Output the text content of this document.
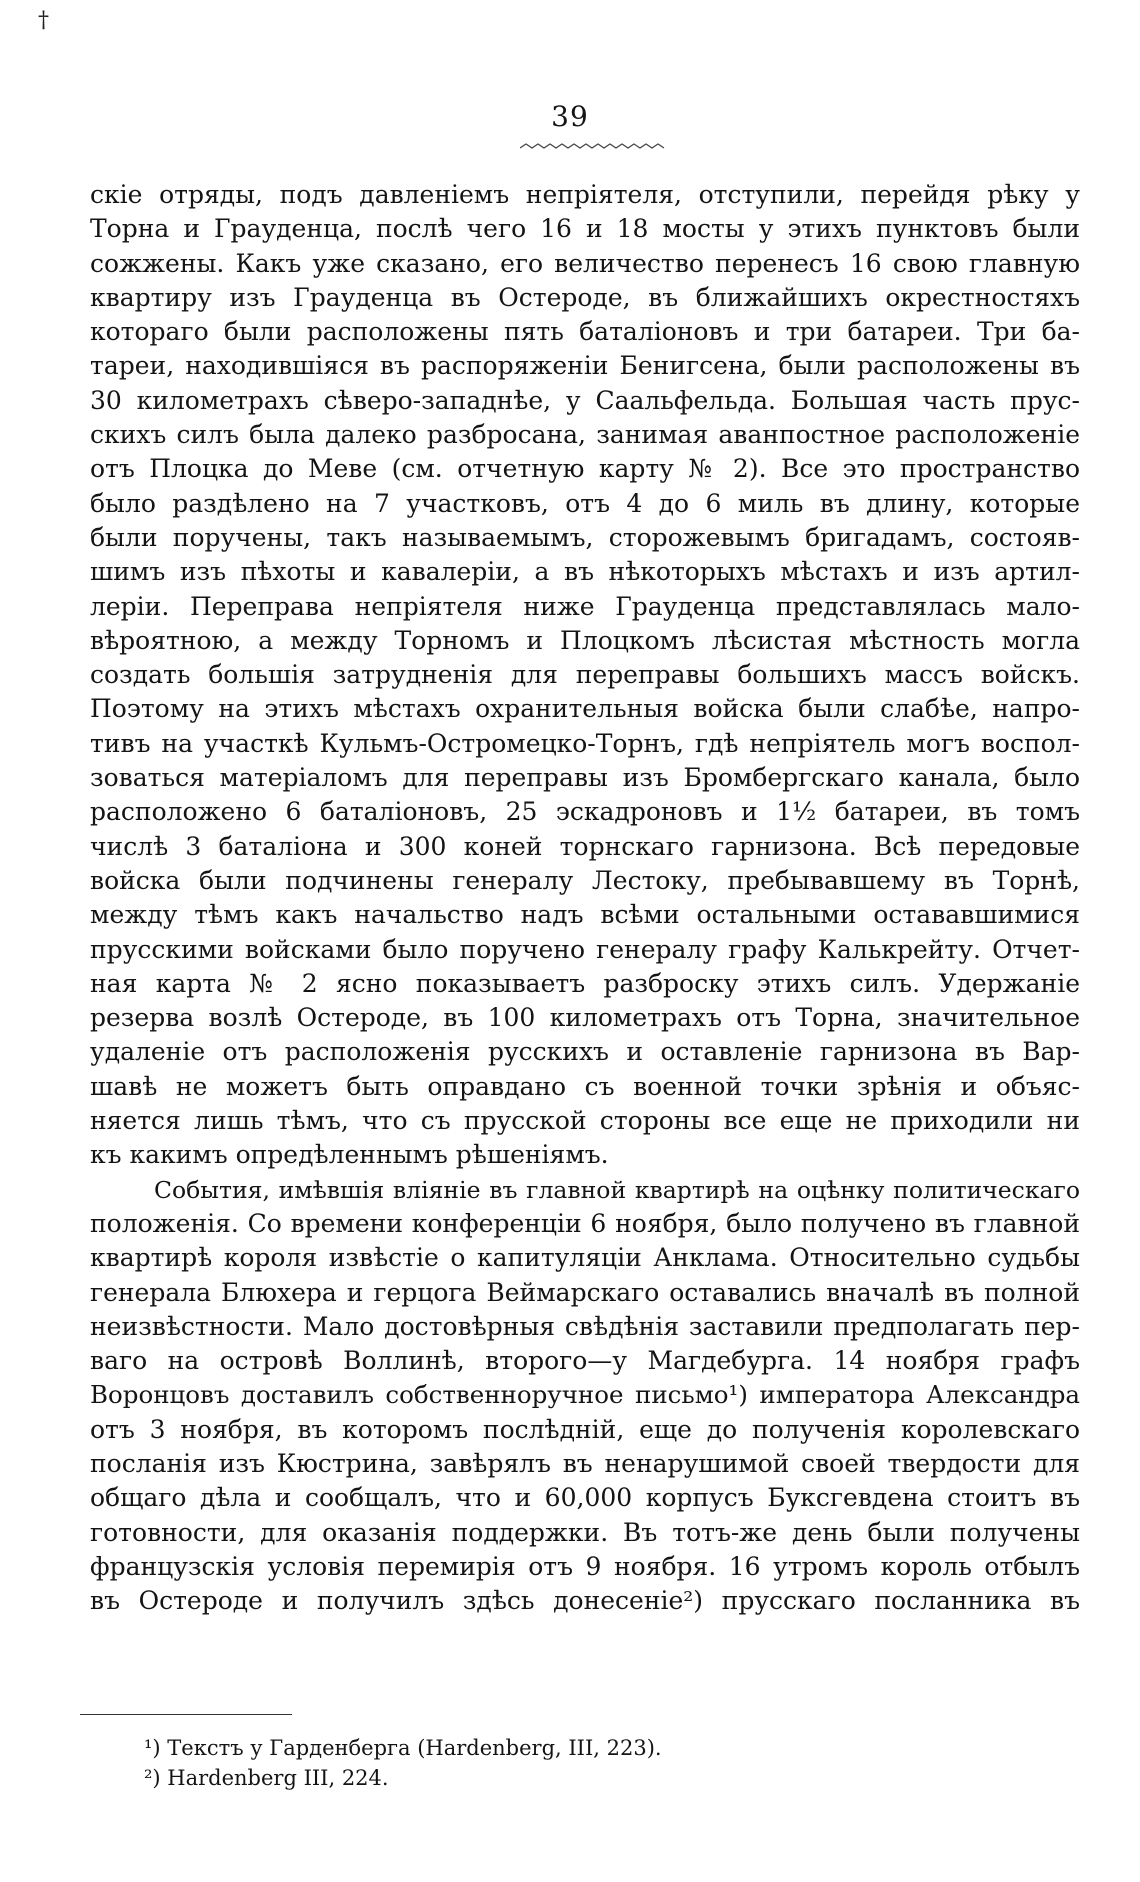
†
39
скіе отряды, подъ давленіемъ непріятеля, отступили, перейдя рѣку у
Торна и Грауденца, послѣ чего 16 и 18 мосты у этихъ пунктовъ были
сожжены. Какъ уже сказано, его величество перенесъ 16 свою главную
квартиру изъ Грауденца въ Остероде, въ ближайшихъ окрестностяхъ
котораго были расположены пять баталіоновъ и три батареи. Три ба-
тареи, находившіяся въ распоряженіи Бенигсена, были расположены въ
30 километрахъ сѣверо-западнѣе, у Саальфельда. Большая часть прус-
скихъ силъ была далеко разбросана, занимая аванпостное расположеніе
отъ Плоцка до Меве (см. отчетную карту № 2). Все это пространство
было раздѣлено на 7 участковъ, отъ 4 до 6 миль въ длину, которые
были поручены, такъ называемымъ, сторожевымъ бригадамъ, состояв-
шимъ изъ пѣхоты и кавалеріи, а въ нѣкоторыхъ мѣстахъ и изъ артил-
леріи. Переправа непріятеля ниже Грауденца представлялась мало-
вѣроятною, а между Торномъ и Плоцкомъ лѣсистая мѣстность могла
создать большія затрудненія для переправы большихъ массъ войскъ.
Поэтому на этихъ мѣстахъ охранительныя войска были слабѣе, напро-
тивъ на участкѣ Кульмъ-Остромецко-Торнъ, гдѣ непріятель могъ воспол-
зоваться матеріаломъ для переправы изъ Бромбергскаго канала, было
расположено 6 баталіоновъ, 25 эскадроновъ и 1½ батареи, въ томъ
числѣ 3 баталіона и 300 коней торнскаго гарнизона. Всѣ передовые
войска были подчинены генералу Лестоку, пребывавшему въ Торнѣ,
между тѣмъ какъ начальство надъ всѣми остальными остававшимися
прусскими войсками было поручено генералу графу Калькрейту. Отчет-
ная карта № 2 ясно показываетъ разброску этихъ силъ. Удержаніе
резерва возлѣ Остероде, въ 100 километрахъ отъ Торна, значительное
удаленіе отъ расположенія русскихъ и оставленіе гарнизона въ Вар-
шавѣ не можетъ быть оправдано съ военной точки зрѣнія и объяс-
няется лишь тѣмъ, что съ прусской стороны все еще не приходили ни
къ какимъ опредѣленнымъ рѣшеніямъ.
События, имѣвшія вліяніе въ главной квартирѣ на оцѣнку политическаго
положенія. Со времени конференціи 6 ноября, было получено въ главной
квартирѣ короля извѣстіе о капитуляціи Анклама. Относительно судьбы
генерала Блюхера и герцога Веймарскаго оставались вначалѣ въ полной
неизвѣстности. Мало достовѣрныя свѣдѣнія заставили предполагать пер-
ваго на островѣ Воллинѣ, второго—у Магдебурга. 14 ноября графъ
Воронцовъ доставилъ собственноручное письмо¹) императора Александра
отъ 3 ноября, въ которомъ послѣдній, еще до полученія королевскаго
посланія изъ Кюстрина, завѣрялъ въ ненарушимой своей твердости для
общаго дѣла и сообщалъ, что и 60,000 корпусъ Буксгевдена стоитъ въ
готовности, для оказанія поддержки. Въ тотъ-же день были получены
французскія условія перемирія отъ 9 ноября. 16 утромъ король отбылъ
въ Остероде и получилъ здѣсь донесеніе²) прусскаго посланника въ
¹) Текстъ у Гарденберга (Hardenberg, III, 223).
²) Hardenberg III, 224.
